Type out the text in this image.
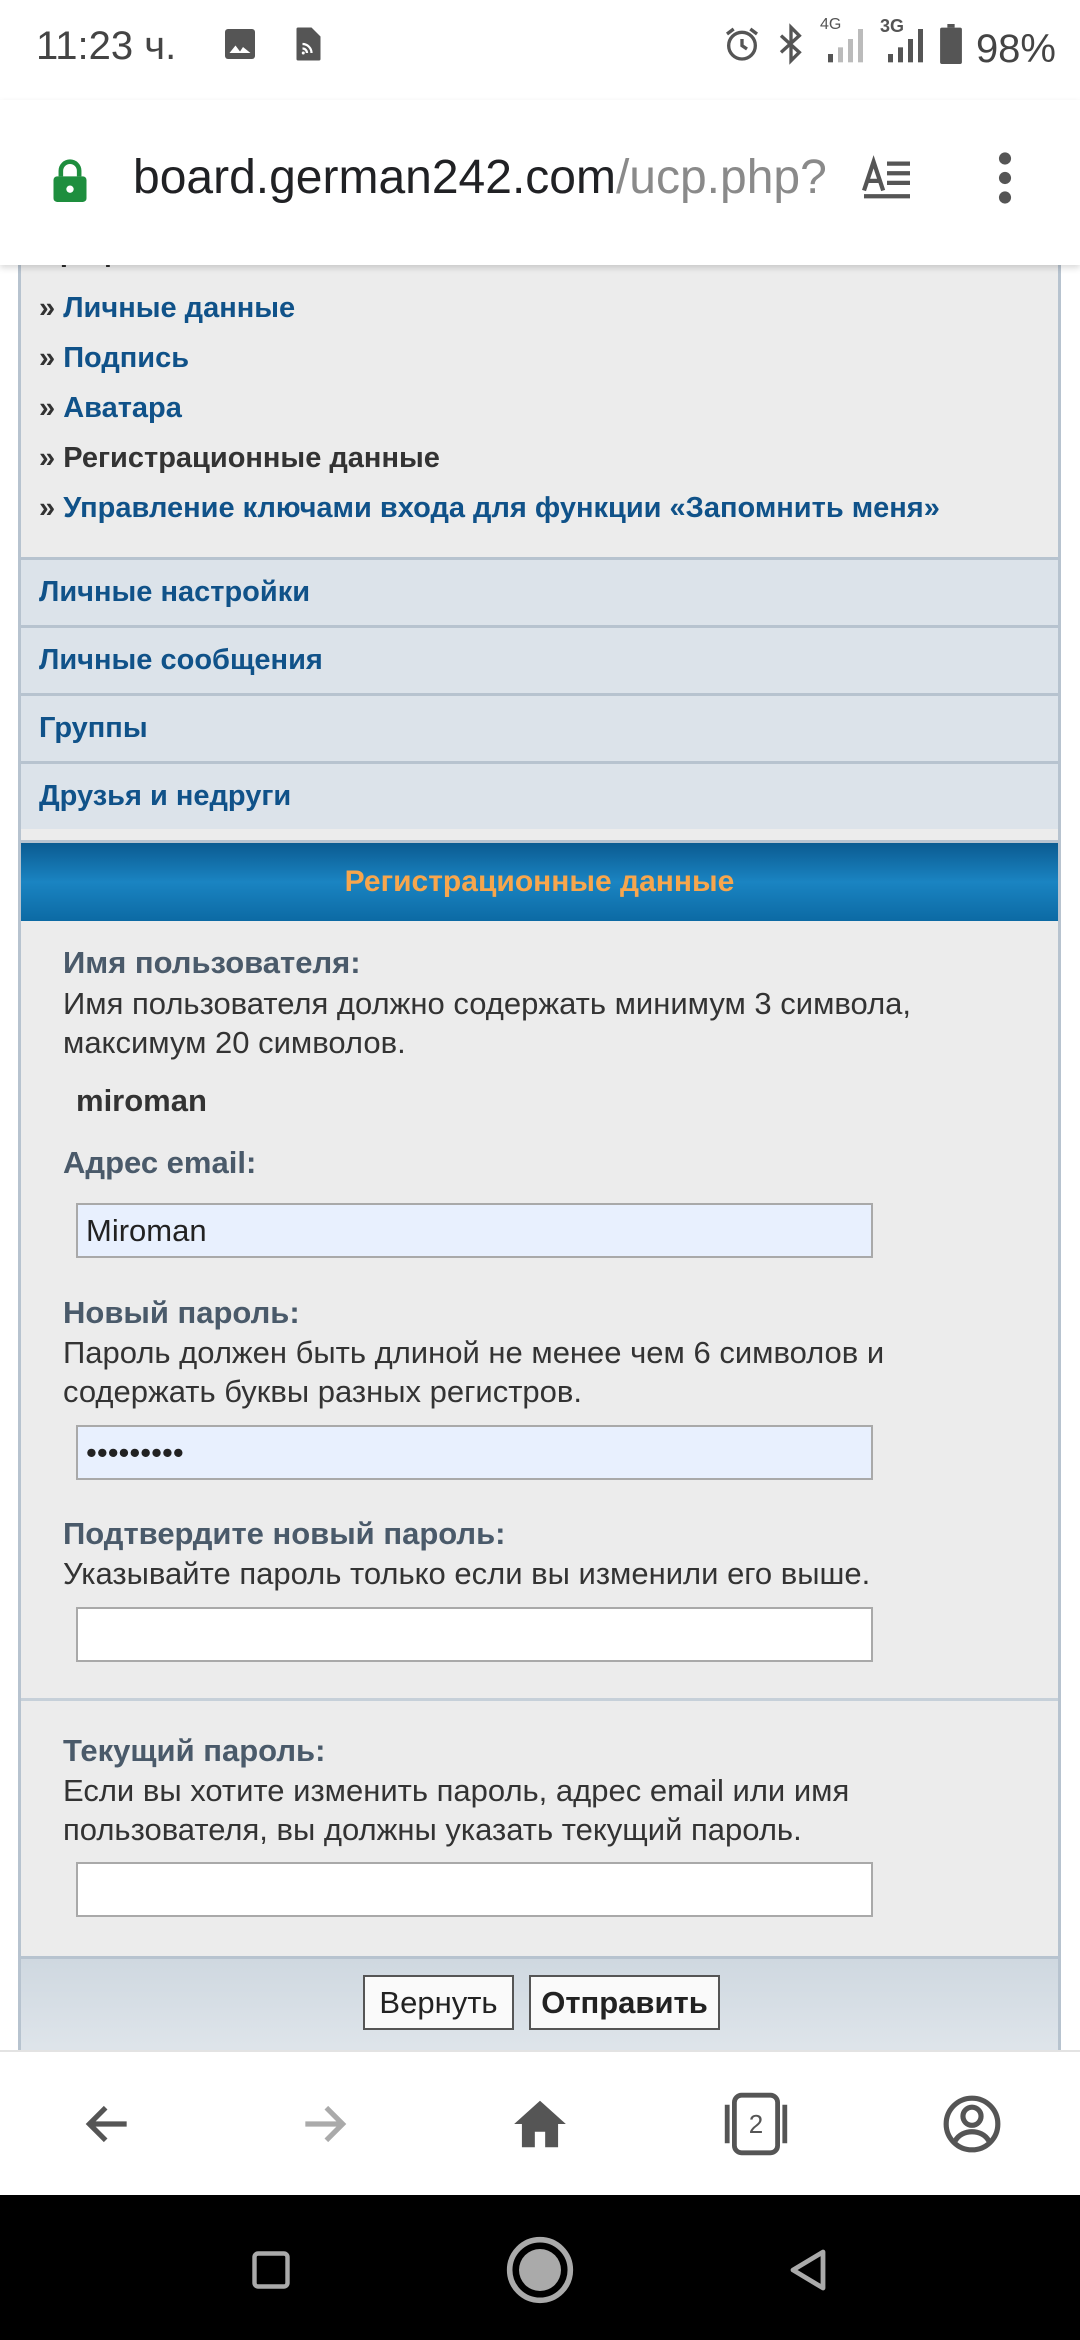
11:23 ч.	4G 3G
98%
board.german242.com/ucp.php?
» Личные данные
» Подпись
» Аватара
» Регистрационные данные
» Управление ключами входа для функции «Запомнить меня»
Личные настройки
Личные сообщения
Группы
Друзья и недруги
Регистрационные данные
Имя пользователя:
Имя пользователя должно содержать минимум 3 символа,
максимум 20 символов.
miroman
Адрес email:
Miroman
Новый пароль:
Пароль должен быть длиной не менее чем 6 символов и
содержать буквы разных регистров.
•••••••••
Подтвердите новый пароль:
Указывайте пароль только если вы изменили его выше.
Текущий пароль:
Если вы хотите изменить пароль, адрес email или имя
пользователя, вы должны указать текущий пароль.
Вернуть	Отправить
2
